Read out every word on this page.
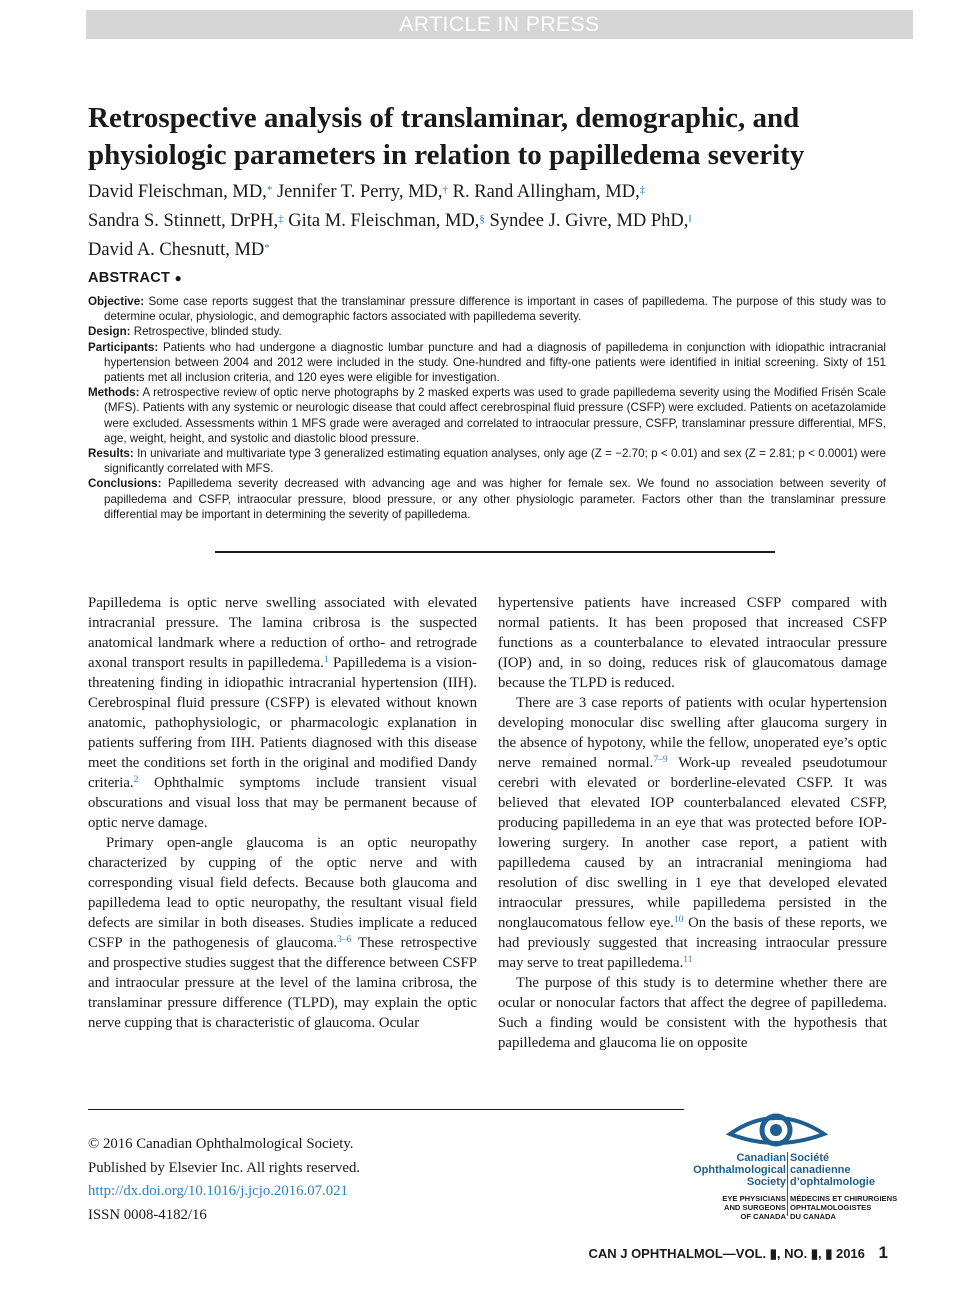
ARTICLE IN PRESS
Retrospective analysis of translaminar, demographic, and physiologic parameters in relation to papilledema severity
David Fleischman, MD,* Jennifer T. Perry, MD,† R. Rand Allingham, MD,‡
Sandra S. Stinnett, DrPH,‡ Gita M. Fleischman, MD,§ Syndee J. Givre, MD PhD,‖
David A. Chesnutt, MD*
ABSTRACT ●

Objective: Some case reports suggest that the translaminar pressure difference is important in cases of papilledema. The purpose of this study was to determine ocular, physiologic, and demographic factors associated with papilledema severity.

Design: Retrospective, blinded study.

Participants: Patients who had undergone a diagnostic lumbar puncture and had a diagnosis of papilledema in conjunction with idiopathic intracranial hypertension between 2004 and 2012 were included in the study. One-hundred and fifty-one patients were identified in initial screening. Sixty of 151 patients met all inclusion criteria, and 120 eyes were eligible for investigation.

Methods: A retrospective review of optic nerve photographs by 2 masked experts was used to grade papilledema severity using the Modified Frisén Scale (MFS). Patients with any systemic or neurologic disease that could affect cerebrospinal fluid pressure (CSFP) were excluded. Patients on acetazolamide were excluded. Assessments within 1 MFS grade were averaged and correlated to intraocular pressure, CSFP, translaminar pressure differential, MFS, age, weight, height, and systolic and diastolic blood pressure.

Results: In univariate and multivariate type 3 generalized estimating equation analyses, only age (Z = −2.70; p < 0.01) and sex (Z = 2.81; p < 0.0001) were significantly correlated with MFS.

Conclusions: Papilledema severity decreased with advancing age and was higher for female sex. We found no association between severity of papilledema and CSFP, intraocular pressure, blood pressure, or any other physiologic parameter. Factors other than the translaminar pressure differential may be important in determining the severity of papilledema.

Papilledema is optic nerve swelling associated with elevated intracranial pressure. The lamina cribrosa is the suspected anatomical landmark where a reduction of ortho- and retrograde axonal transport results in papilledema.$^1$ Papilledema is a vision-threatening finding in idiopathic intracranial hypertension (IIH). Cerebrospinal fluid pressure (CSFP) is elevated without known anatomic, pathophysiologic, or pharmacologic explanation in patients suffering from IIH. Patients diagnosed with this disease meet the conditions set forth in the original and modified Dandy criteria.$^2$ Ophthalmic symptoms include transient visual obscurations and visual loss that may be permanent because of optic nerve damage.

Primary open-angle glaucoma is an optic neuropathy characterized by cupping of the optic nerve and with corresponding visual field defects. Because both glaucoma and papilledema lead to optic neuropathy, the resultant visual field defects are similar in both diseases. Studies implicate a reduced CSFP in the pathogenesis of glaucoma.$^{3-6}$ These retrospective and prospective studies suggest that the difference between CSFP and intraocular pressure at the level of the lamina cribrosa, the translaminar pressure difference (TLPD), may explain the optic nerve cupping that is characteristic of glaucoma. Ocular

hypertensive patients have increased CSFP compared with normal patients. It has been proposed that increased CSFP functions as a counterbalance to elevated intraocular pressure (IOP) and, in so doing, reduces risk of glaucomatous damage because the TLPD is reduced.

There are 3 case reports of patients with ocular hypertension developing monocular disc swelling after glaucoma surgery in the absence of hypotony, while the fellow, unoperated eye’s optic nerve remained normal.$^{7-9}$ Work-up revealed pseudotumour cerebri with elevated or borderline-elevated CSFP. It was believed that elevated IOP counterbalanced elevated CSFP, producing papilledema in an eye that was protected before IOP-lowering surgery. In another case report, a patient with papilledema caused by an intracranial meningioma had resolution of disc swelling in 1 eye that developed elevated intraocular pressures, while papilledema persisted in the nonglaucomatous fellow eye.$^{10}$ On the basis of these reports, we had previously suggested that increasing intraocular pressure may serve to treat papilledema.$^{11}$

The purpose of this study is to determine whether there are ocular or nonocular factors that affect the degree of papilledema. Such a finding would be consistent with the hypothesis that papilledema and glaucoma lie on opposite

© 2016 Canadian Ophthalmological Society.
Published by Elsevier Inc. All rights reserved.
http://dx.doi.org/10.1016/j.jcjo.2016.07.021
ISSN 0008-4182/16
Canadian
Ophthalmological
Society
Société
canadienne
d’ophtalmologie
EYE PHYSICIANS
AND SURGEONS
OF CANADA
MÉDECINS ET CHIRURGIENS
OPHTALMOLOGISTES
DU CANADA
CAN J OPHTHALMOL—VOL. ▮, NO. ▮, ▮ 2016 1
